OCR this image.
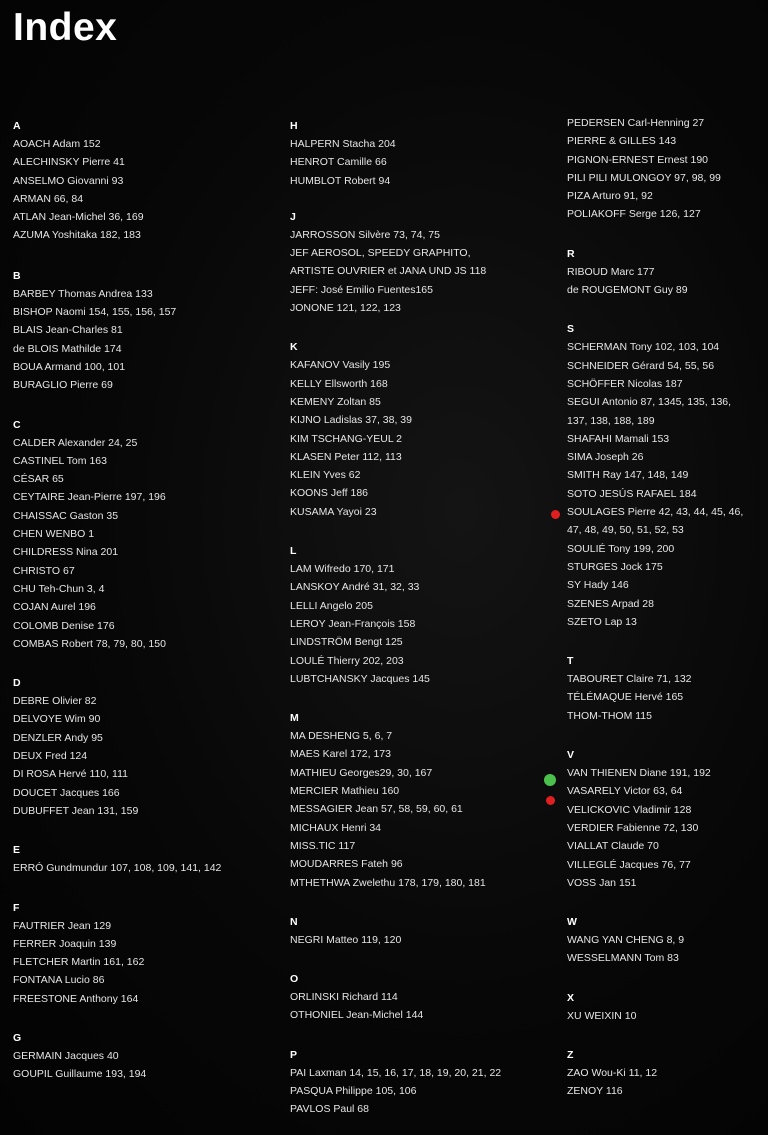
Index
A
AOACH Adam 152
ALECHINSKY Pierre 41
ANSELMO Giovanni 93
ARMAN 66, 84
ATLAN Jean-Michel 36, 169
AZUMA Yoshitaka 182, 183
B
BARBEY Thomas Andrea 133
BISHOP Naomi 154, 155, 156, 157
BLAIS Jean-Charles 81
de BLOIS Mathilde 174
BOUA Armand 100, 101
BURAGLIO Pierre 69
C
CALDER Alexander 24, 25
CASTINEL Tom 163
CÉSAR 65
CEYTAIRE Jean-Pierre 197, 196
CHAISSAC Gaston 35
CHEN WENBO 1
CHILDRESS Nina 201
CHRISTO 67
CHU Teh-Chun 3, 4
COJAN Aurel 196
COLOMB Denise 176
COMBAS Robert 78, 79, 80, 150
D
DEBRE Olivier 82
DELVOYE Wim 90
DENZLER Andy 95
DEUX Fred 124
DI ROSA Hervé 110, 111
DOUCET Jacques 166
DUBUFFET Jean 131, 159
E
ERRÓ Gundmundur 107, 108, 109, 141, 142
F
FAUTRIER Jean 129
FERRER Joaquin 139
FLETCHER Martin 161, 162
FONTANA Lucio 86
FREESTONE Anthony 164
G
GERMAIN Jacques 40
GOUPIL Guillaume 193, 194
H
HALPERN Stacha 204
HENROT Camille 66
HUMBLOT Robert 94
J
JARROSSON Silvère 73, 74, 75
JEF AEROSOL, SPEEDY GRAPHITO,
ARTISTE OUVRIER et JANA UND JS 118
JEFF: José Emilio Fuentes165
JONONE 121, 122, 123
K
KAFANOV Vasily 195
KELLY Ellsworth 168
KEMENY Zoltan 85
KIJNO Ladislas 37, 38, 39
KIM TSCHANG-YEUL 2
KLASEN Peter 112, 113
KLEIN Yves 62
KOONS Jeff 186
KUSAMA Yayoi 23
L
LAM Wifredo 170, 171
LANSKOY André 31, 32, 33
LELLI Angelo 205
LEROY Jean-François 158
LINDSTRÖM Bengt 125
LOULÉ Thierry 202, 203
LUBTCHANSKY Jacques 145
M
MA DESHENG 5, 6, 7
MAES Karel 172, 173
MATHIEU Georges29, 30, 167
MERCIER Mathieu 160
MESSAGIER Jean 57, 58, 59, 60, 61
MICHAUX Henri 34
MISS.TIC 117
MOUDARRES Fateh 96
MTHETHWA Zwelethu 178, 179, 180, 181
N
NEGRI Matteo 119, 120
O
ORLINSKI Richard 114
OTHONIEL Jean-Michel 144
P
PAI Laxman 14, 15, 16, 17, 18, 19, 20, 21, 22
PASQUA Philippe 105, 106
PAVLOS Paul 68
PEDERSEN Carl-Henning 27
PIERRE & GILLES 143
PIGNON-ERNEST Ernest 190
PILI PILI MULONGOY 97, 98, 99
PIZA Arturo 91, 92
POLIAKOFF Serge 126, 127
R
RIBOUD Marc 177
de ROUGEMONT Guy 89
S
SCHERMAN Tony 102, 103, 104
SCHNEIDER Gérard 54, 55, 56
SCHÖFFER Nicolas 187
SEGUI Antonio 87, 1345, 135, 136,
137, 138, 188, 189
SHAFAHI Mamali 153
SIMA Joseph 26
SMITH Ray 147, 148, 149
SOTO JESÚS RAFAEL 184
SOULAGES Pierre 42, 43, 44, 45, 46,
47, 48, 49, 50, 51, 52, 53
SOULIÉ Tony 199, 200
STURGES Jock 175
SY Hady 146
SZENES Arpad 28
SZETO Lap 13
T
TABOURET Claire 71, 132
TÉLÉMAQUE Hervé 165
THOM-THOM 115
V
VAN THIENEN Diane 191, 192
VASARELY Victor 63, 64
VELICKOVIC Vladimir 128
VERDIER Fabienne 72, 130
VIALLAT Claude 70
VILLEGLÉ Jacques 76, 77
VOSS Jan 151
W
WANG YAN CHENG 8, 9
WESSELMANN Tom 83
X
XU WEIXIN 10
Z
ZAO Wou-Ki 11, 12
ZENOY 116
